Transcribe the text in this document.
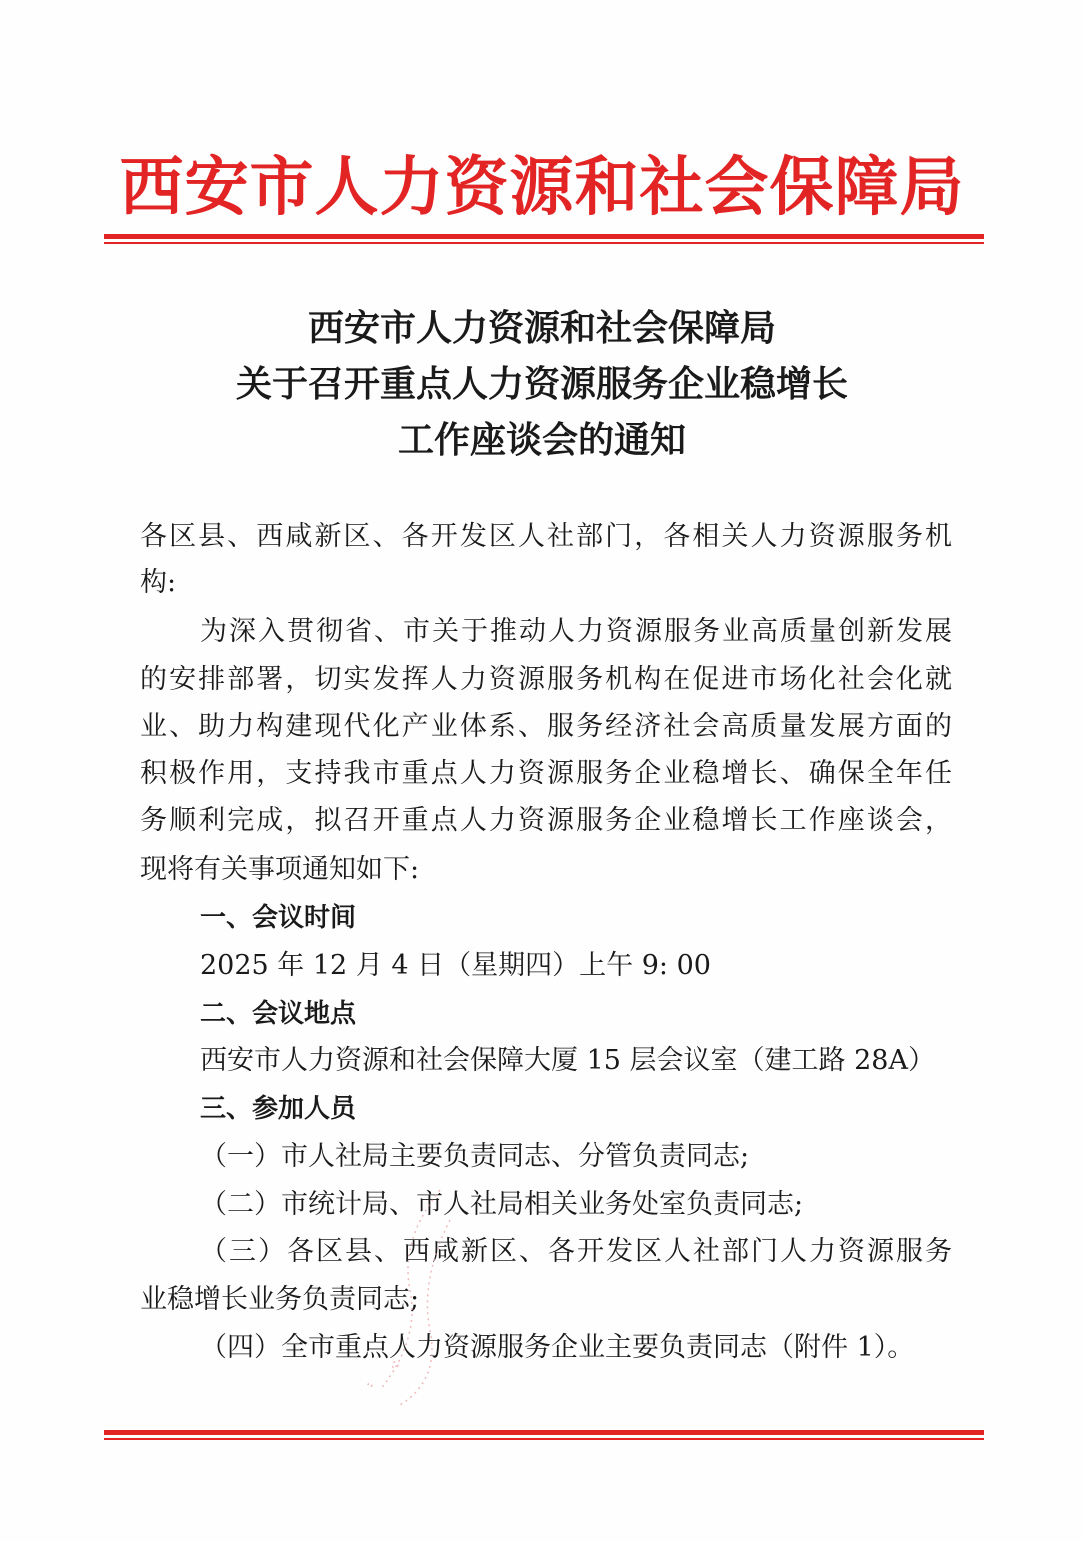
西安市人力资源和社会保障局
西安市人力资源和社会保障局
关于召开重点人力资源服务企业稳增长
工作座谈会的通知
各区县、西咸新区、各开发区人社部门，各相关人力资源服务机
构:
为深入贯彻省、市关于推动人力资源服务业高质量创新发展
的安排部署，切实发挥人力资源服务机构在促进市场化社会化就
业、助力构建现代化产业体系、服务经济社会高质量发展方面的
积极作用，支持我市重点人力资源服务企业稳增长、确保全年任
务顺利完成，拟召开重点人力资源服务企业稳增长工作座谈会，
现将有关事项通知如下:
一、会议时间
2025 年 12 月 4 日（星期四）上午 9: 00
二、会议地点
西安市人力资源和社会保障大厦 15 层会议室（建工路 28A）
三、参加人员
（一）市人社局主要负责同志、分管负责同志;
（二）市统计局、市人社局相关业务处室负责同志;
（三）各区县、西咸新区、各开发区人社部门人力资源服务
业稳增长业务负责同志;
（四）全市重点人力资源服务企业主要负责同志（附件 1）。
